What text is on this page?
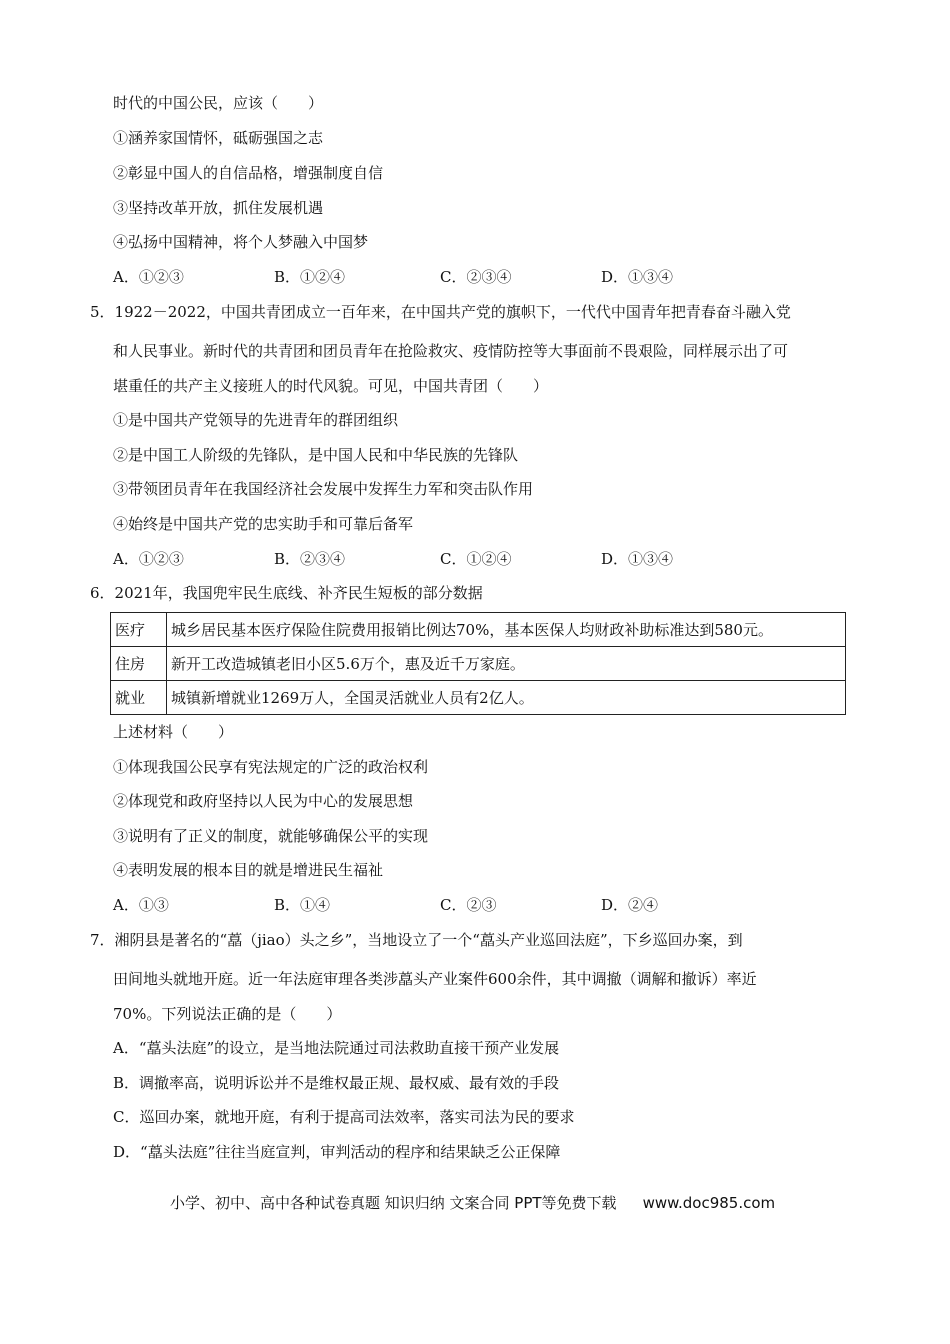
时代的中国公民，应该（　　）
①涵养家国情怀，砥砺强国之志
②彰显中国人的自信品格，增强制度自信
③坚持改革开放，抓住发展机遇
④弘扬中国精神，将个人梦融入中国梦
A．①②③	B．①②④	C．②③④	D．①③④
5．1922－2022，中国共青团成立一百年来，在中国共产党的旗帜下，一代代中国青年把青春奋斗融入党
和人民事业。新时代的共青团和团员青年在抢险救灾、疫情防控等大事面前不畏艰险，同样展示出了可
堪重任的共产主义接班人的时代风貌。可见，中国共青团（　　）
①是中国共产党领导的先进青年的群团组织
②是中国工人阶级的先锋队，是中国人民和中华民族的先锋队
③带领团员青年在我国经济社会发展中发挥生力军和突击队作用
④始终是中国共产党的忠实助手和可靠后备军
A．①②③	B．②③④	C．①②④	D．①③④
6．2021年，我国兜牢民生底线、补齐民生短板的部分数据
医疗	城乡居民基本医疗保险住院费用报销比例达70%，基本医保人均财政补助标准达到580元。
住房	新开工改造城镇老旧小区5.6万个，惠及近千万家庭。
就业	城镇新增就业1269万人，全国灵活就业人员有2亿人。
上述材料（　　）
①体现我国公民享有宪法规定的广泛的政治权利
②体现党和政府坚持以人民为中心的发展思想
③说明有了正义的制度，就能够确保公平的实现
④表明发展的根本目的就是增进民生福祉
A．①③	B．①④	C．②③	D．②④
7．湘阴县是著名的“藠（jiao）头之乡”，当地设立了一个“藠头产业巡回法庭”，下乡巡回办案，到
田间地头就地开庭。近一年法庭审理各类涉藠头产业案件600余件，其中调撤（调解和撤诉）率近
70%。下列说法正确的是（　　）
A．“藠头法庭”的设立，是当地法院通过司法救助直接干预产业发展
B．调撤率高，说明诉讼并不是维权最正规、最权威、最有效的手段
C．巡回办案，就地开庭，有利于提高司法效率，落实司法为民的要求
D．“藠头法庭”往往当庭宣判，审判活动的程序和结果缺乏公正保障
小学、初中、高中各种试卷真题 知识归纳 文案合同 PPT等免费下载 www.doc985.com
